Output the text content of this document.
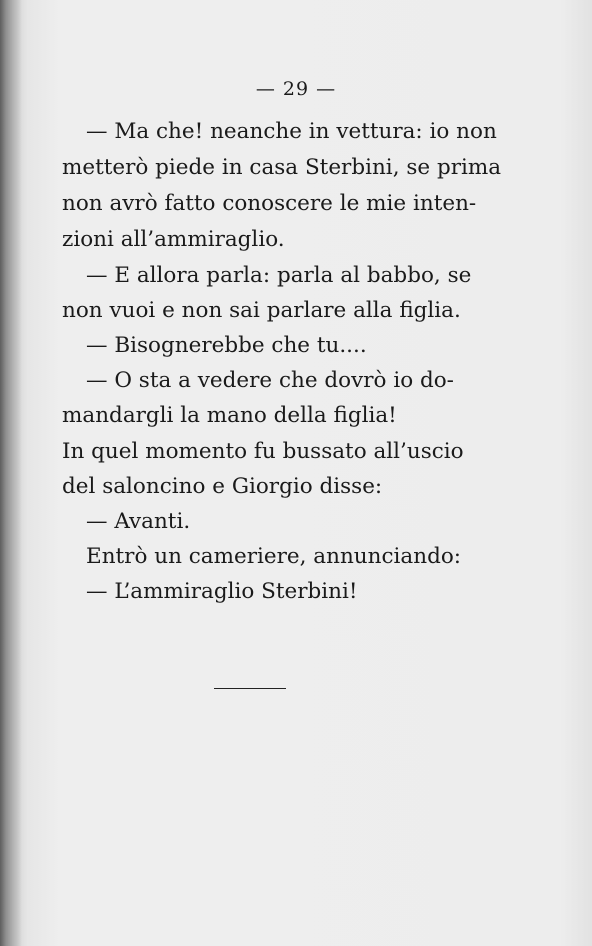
— 29 —
— Ma che! neanche in vettura: io non
metterò piede in casa Sterbini, se prima
non avrò fatto conoscere le mie inten-
zioni all’ammiraglio.
— E allora parla: parla al babbo, se
non vuoi e non sai parlare alla figlia.
— Bisognerebbe che tu....
— O sta a vedere che dovrò io do-
mandargli la mano della figlia!
In quel momento fu bussato all’uscio
del saloncino e Giorgio disse:
— Avanti.
Entrò un cameriere, annunciando:
— L’ammiraglio Sterbini!
